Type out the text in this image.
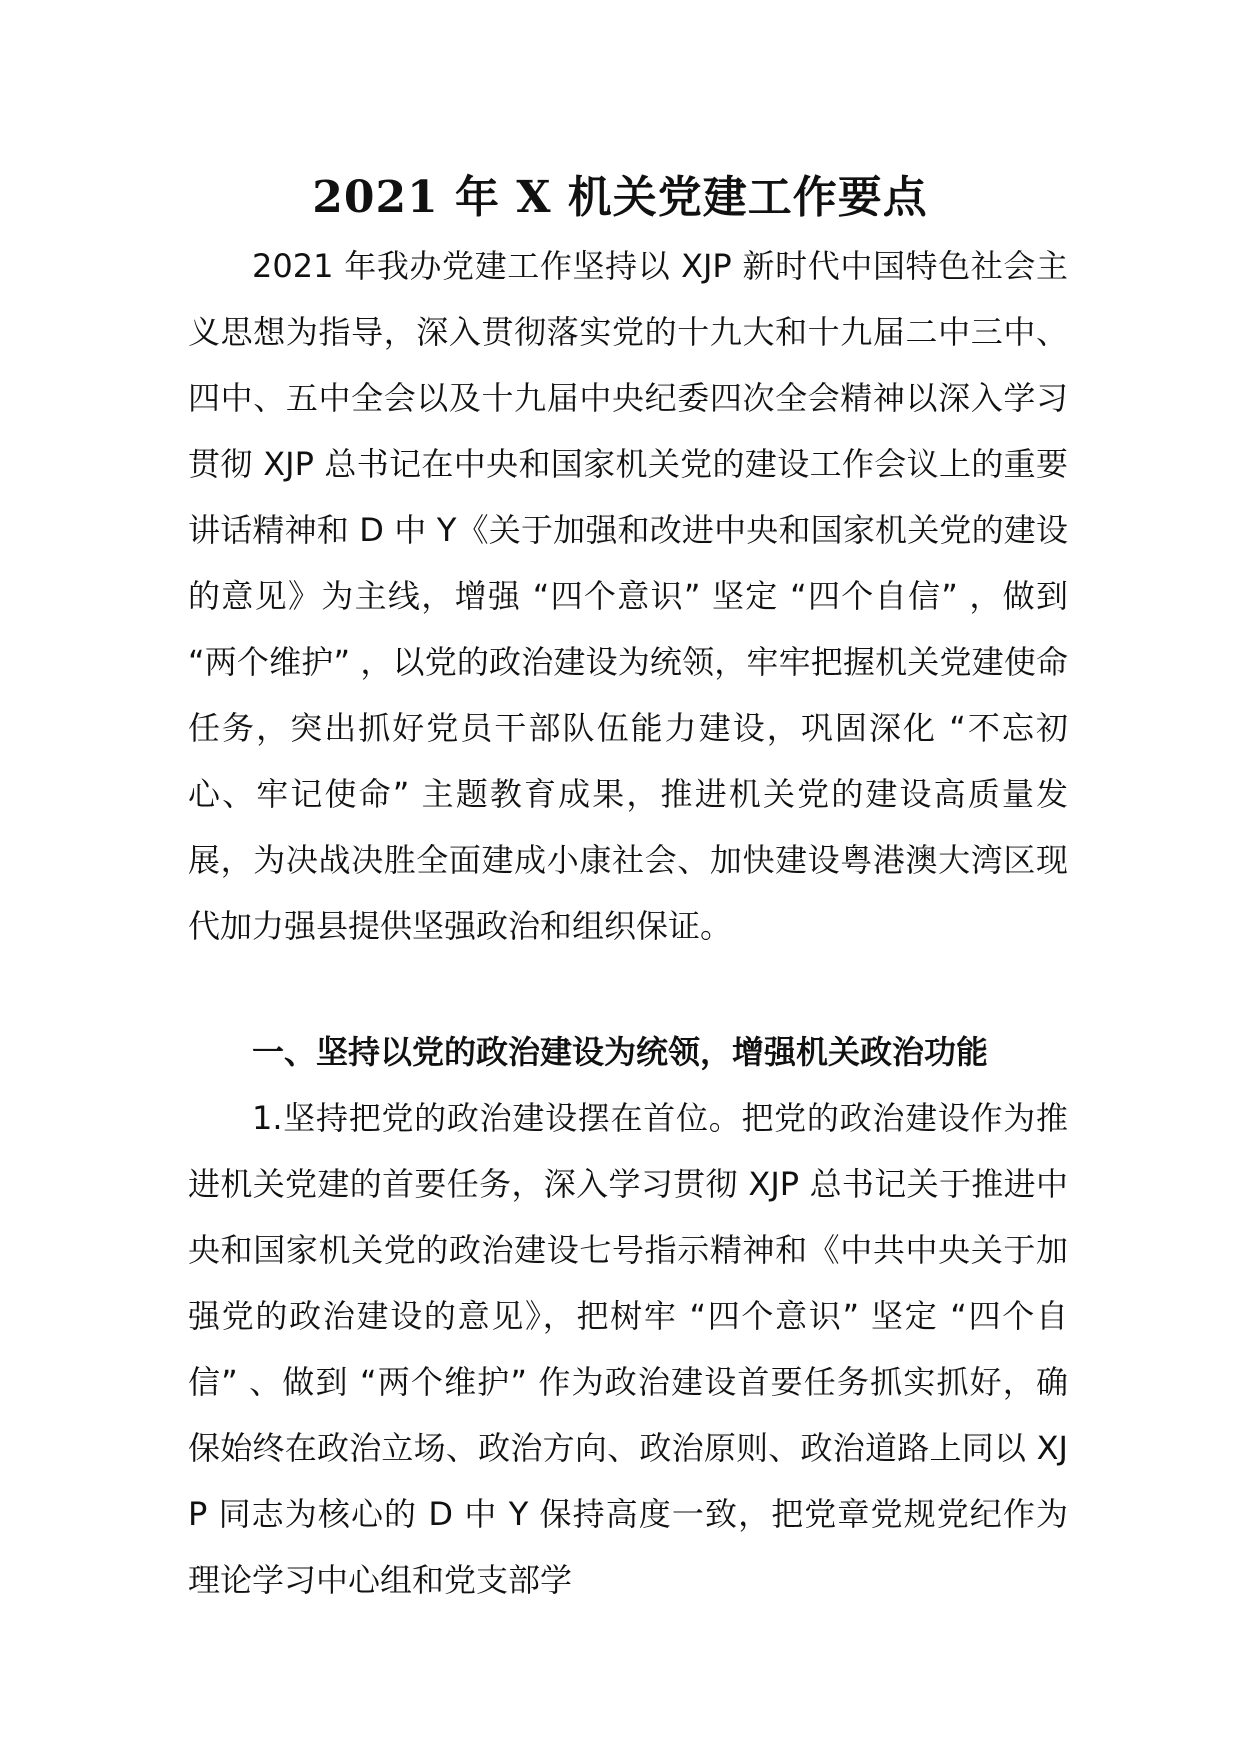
2021 年 X 机关党建工作要点

2021 年我办党建工作坚持以 XJP 新时代中国特色社会主义思想为指导，深入贯彻落实党的十九大和十九届二中三中、四中、五中全会以及十九届中央纪委四次全会精神以深入学习贯彻 XJP 总书记在中央和国家机关党的建设工作会议上的重要讲话精神和 D 中 Y《关于加强和改进中央和国家机关党的建设的意见》为主线，增强 “四个意识” 坚定 “四个自信” ，做到 “两个维护” ，以党的政治建设为统领，牢牢把握机关党建使命任务，突出抓好党员干部队伍能力建设，巩固深化 “不忘初心、牢记使命” 主题教育成果，推进机关党的建设高质量发展，为决战决胜全面建成小康社会、加快建设粤港澳大湾区现代加力强县提供坚强政治和组织保证。

一、坚持以党的政治建设为统领，增强机关政治功能

1.坚持把党的政治建设摆在首位。把党的政治建设作为推进机关党建的首要任务，深入学习贯彻 XJP 总书记关于推进中央和国家机关党的政治建设七号指示精神和《中共中央关于加强党的政治建设的意见》，把树牢 “四个意识” 坚定 “四个自信” 、做到 “两个维护” 作为政治建设首要任务抓实抓好，确保始终在政治立场、政治方向、政治原则、政治道路上同以 XJP 同志为核心的 D 中 Y 保持高度一致，把党章党规党纪作为理论学习中心组和党支部学
